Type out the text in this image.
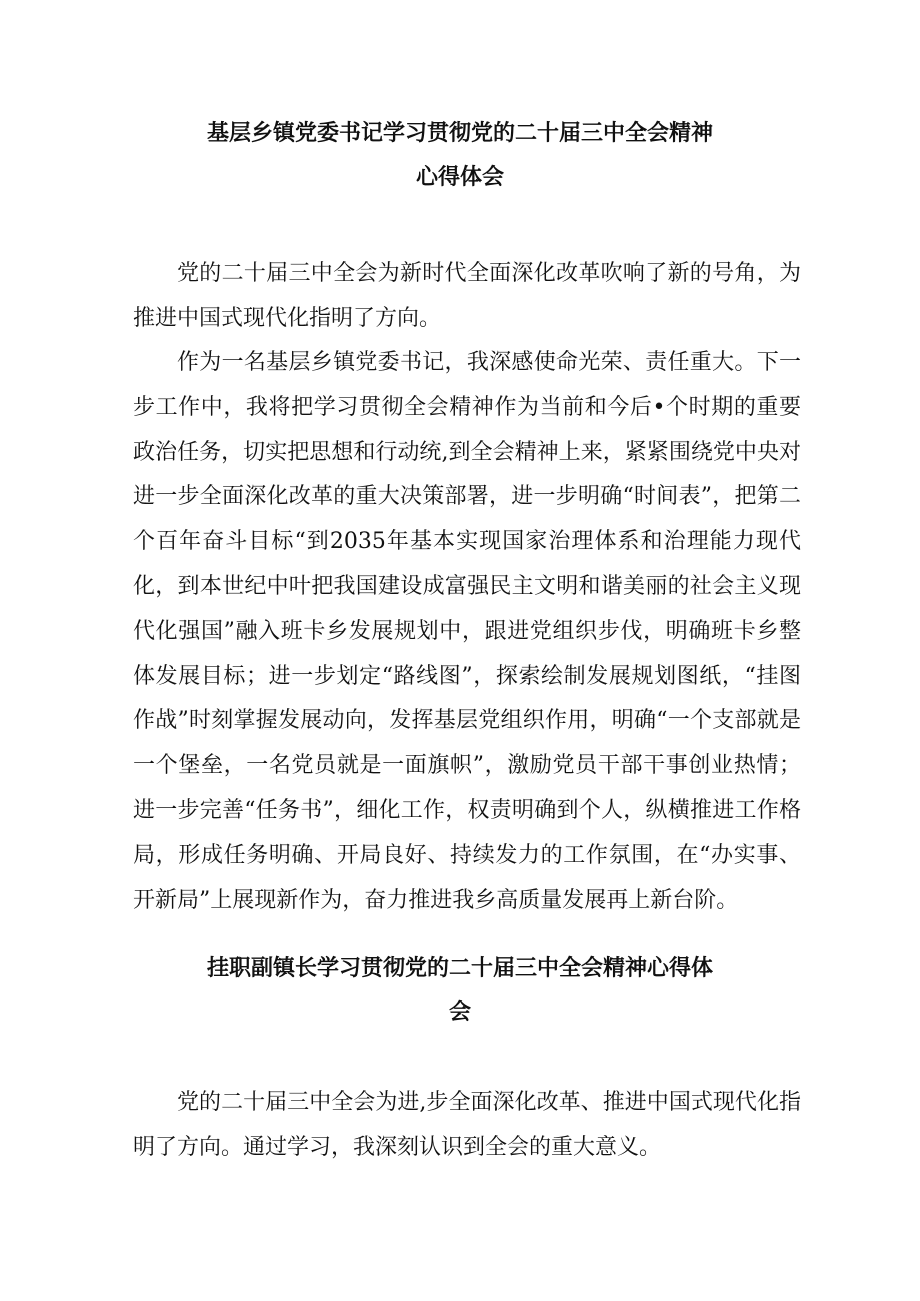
基层乡镇党委书记学习贯彻党的二十届三中全会精神
心得体会

党的二十届三中全会为新时代全面深化改革吹响了新的号角，为推进中国式现代化指明了方向。

作为一名基层乡镇党委书记，我深感使命光荣、责任重大。下一步工作中，我将把学习贯彻全会精神作为当前和今后•个时期的重要政治任务，切实把思想和行动统,到全会精神上来，紧紧围绕党中央对进一步全面深化改革的重大决策部署，进一步明确“时间表”，把第二个百年奋斗目标“到2035年基本实现国家治理体系和治理能力现代化，到本世纪中叶把我国建设成富强民主文明和谐美丽的社会主义现代化强国”融入班卡乡发展规划中，跟进党组织步伐，明确班卡乡整体发展目标；进一步划定“路线图”，探索绘制发展规划图纸，“挂图作战”时刻掌握发展动向，发挥基层党组织作用，明确“一个支部就是一个堡垒，一名党员就是一面旗帜”，激励党员干部干事创业热情；进一步完善“任务书”，细化工作，权责明确到个人，纵横推进工作格局，形成任务明确、开局良好、持续发力的工作氛围，在“办实事、开新局”上展现新作为，奋力推进我乡高质量发展再上新台阶。

挂职副镇长学习贯彻党的二十届三中全会精神心得体
会

党的二十届三中全会为进,步全面深化改革、推进中国式现代化指明了方向。通过学习，我深刻认识到全会的重大意义。
